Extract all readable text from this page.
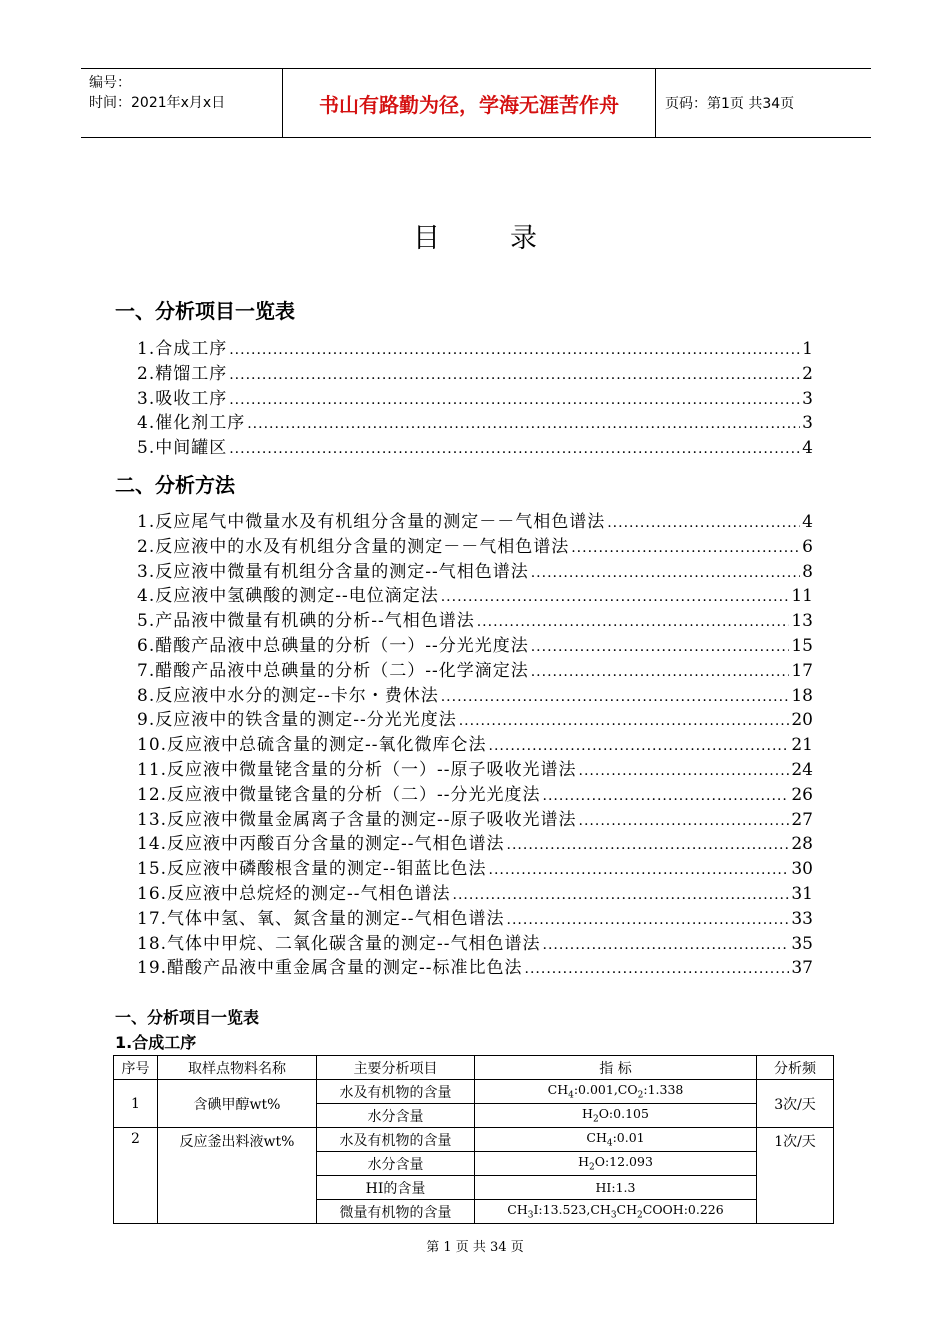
编号：
时间：2021年x月x日	书山有路勤为径，学海无涯苦作舟	页码：第1页 共34页
目录
一、分析项目一览表
1.合成工序 .....	1
2.精馏工序 .....	2
3.吸收工序 .....	3
4.催化剂工序 .....	3
5.中间罐区 .....	4
二、分析方法
1.反应尾气中微量水及有机组分含量的测定－－气相色谱法 .....	4
2.反应液中的水及有机组分含量的测定－－气相色谱法 .....	6
3.反应液中微量有机组分含量的测定--气相色谱法 .....	8
4.反应液中氢碘酸的测定--电位滴定法 .....	11
5.产品液中微量有机碘的分析--气相色谱法 .....	13
6.醋酸产品液中总碘量的分析（一）--分光光度法 .....	15
7.醋酸产品液中总碘量的分析（二）--化学滴定法 .....	17
8.反应液中水分的测定--卡尔・费休法 .....	18
9.反应液中的铁含量的测定--分光光度法 .....	20
10.反应液中总硫含量的测定--氧化微库仑法 .....	21
11.反应液中微量铑含量的分析（一）--原子吸收光谱法 .....	24
12.反应液中微量铑含量的分析（二）--分光光度法 .....	26
13.反应液中微量金属离子含量的测定--原子吸收光谱法 .....	27
14.反应液中丙酸百分含量的测定--气相色谱法 .....	28
15.反应液中磷酸根含量的测定--钼蓝比色法 .....	30
16.反应液中总烷烃的测定--气相色谱法 .....	31
17.气体中氢、氧、氮含量的测定--气相色谱法 .....	33
18.气体中甲烷、二氧化碳含量的测定--气相色谱法 .....	35
19.醋酸产品液中重金属含量的测定--标准比色法 .....	37
一、分析项目一览表
1.合成工序
序号	取样点物料名称	主要分析项目	指 标	分析频
1	含碘甲醇wt%	水及有机物的含量	$CH_4:0.001,CO_2:1.338$	3次/天
		水分含量	$H_2O:0.105$	
2	反应釜出料液wt%	水及有机物的含量	$CH_4:0.01$	1次/天
		水分含量	$H_2O:12.093$	
		HI的含量	HI:1.3	
		微量有机物的含量	$CH_3I:13.523,CH_3CH_2COOH:0.226$	
第 1 页 共 34 页
